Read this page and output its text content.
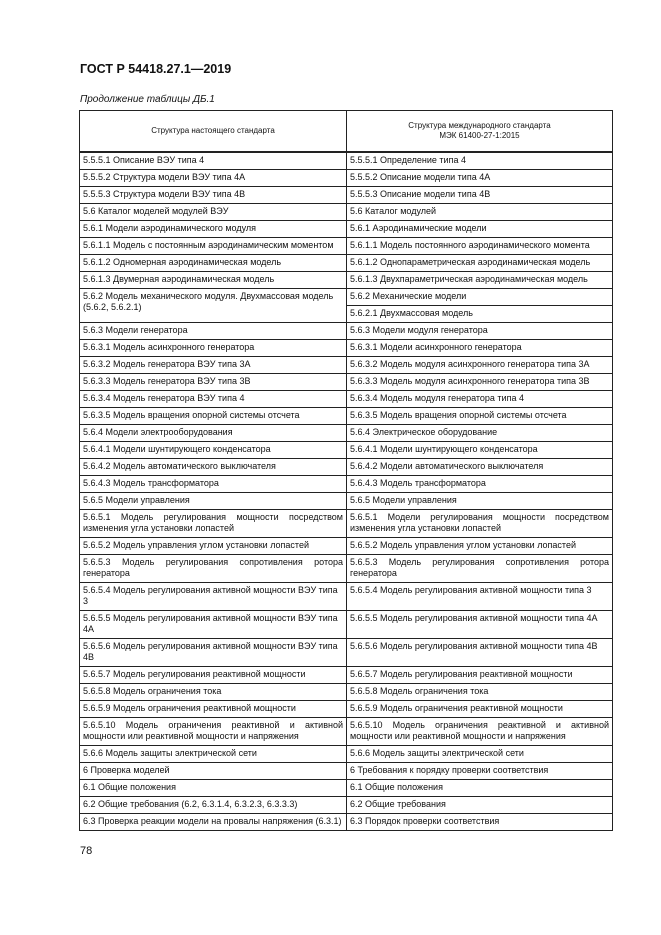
ГОСТ Р 54418.27.1—2019
Продолжение таблицы ДБ.1
Структура настоящего стандарта	Структура международного стандарта
МЭК 61400-27-1:2015
5.5.5.1 Описание ВЭУ типа 4	5.5.5.1 Определение типа 4
5.5.5.2 Структура модели ВЭУ типа 4А	5.5.5.2 Описание модели типа 4А
5.5.5.3 Структура модели ВЭУ типа 4В	5.5.5.3 Описание модели типа 4В
5.6 Каталог моделей модулей ВЭУ	5.6 Каталог модулей
5.6.1 Модели аэродинамического модуля	5.6.1 Аэродинамические модели
5.6.1.1 Модель с постоянным аэродинамическим моментом	5.6.1.1 Модель постоянного аэродинамического момента
5.6.1.2 Одномерная аэродинамическая модель	5.6.1.2 Однопараметрическая аэродинамическая модель
5.6.1.3 Двумерная аэродинамическая модель	5.6.1.3 Двухпараметрическая аэродинамическая модель
5.6.2 Модель механического модуля. Двухмассовая модель (5.6.2, 5.6.2.1)	5.6.2 Механические модели
	5.6.2.1 Двухмассовая модель
5.6.3 Модели генератора	5.6.3 Модели модуля генератора
5.6.3.1 Модель асинхронного генератора	5.6.3.1 Модели асинхронного генератора
5.6.3.2 Модель генератора ВЭУ типа 3А	5.6.3.2 Модель модуля асинхронного генератора типа 3А
5.6.3.3 Модель генератора ВЭУ типа 3В	5.6.3.3 Модель модуля асинхронного генератора типа 3В
5.6.3.4 Модель генератора ВЭУ типа 4	5.6.3.4 Модель модуля генератора типа 4
5.6.3.5 Модель вращения опорной системы отсчета	5.6.3.5 Модель вращения опорной системы отсчета
5.6.4 Модели электрооборудования	5.6.4 Электрическое оборудование
5.6.4.1 Модели шунтирующего конденсатора	5.6.4.1 Модели шунтирующего конденсатора
5.6.4.2 Модель автоматического выключателя	5.6.4.2 Модели автоматического выключателя
5.6.4.3 Модель трансформатора	5.6.4.3 Модель трансформатора
5.6.5 Модели управления	5.6.5 Модели управления
5.6.5.1 Модель регулирования мощности посредством изменения угла установки лопастей	5.6.5.1 Модели регулирования мощности посредством изменения угла установки лопастей
5.6.5.2 Модель управления углом установки лопастей	5.6.5.2 Модель управления углом установки лопастей
5.6.5.3 Модель регулирования сопротивления ротора генератора	5.6.5.3 Модель регулирования сопротивления ротора генератора
5.6.5.4 Модель регулирования активной мощности ВЭУ типа 3	5.6.5.4 Модель регулирования активной мощности типа 3
5.6.5.5 Модель регулирования активной мощности ВЭУ типа 4А	5.6.5.5 Модель регулирования активной мощности типа 4А
5.6.5.6 Модель регулирования активной мощности ВЭУ типа 4В	5.6.5.6 Модель регулирования активной мощности типа 4В
5.6.5.7 Модель регулирования реактивной мощности	5.6.5.7 Модель регулирования реактивной мощности
5.6.5.8 Модель ограничения тока	5.6.5.8 Модель ограничения тока
5.6.5.9 Модель ограничения реактивной мощности	5.6.5.9 Модель ограничения реактивной мощности
5.6.5.10 Модель ограничения реактивной и активной мощности или реактивной мощности и напряжения	5.6.5.10 Модель ограничения реактивной и активной мощности или реактивной мощности и напряжения
5.6.6 Модель защиты электрической сети	5.6.6 Модель защиты электрической сети
6 Проверка моделей	6 Требования к порядку проверки соответствия
6.1 Общие положения	6.1 Общие положения
6.2 Общие требования (6.2, 6.3.1.4, 6.3.2.3, 6.3.3.3)	6.2 Общие требования
6.3 Проверка реакции модели на провалы напряжения (6.3.1)	6.3 Порядок проверки соответствия
78
